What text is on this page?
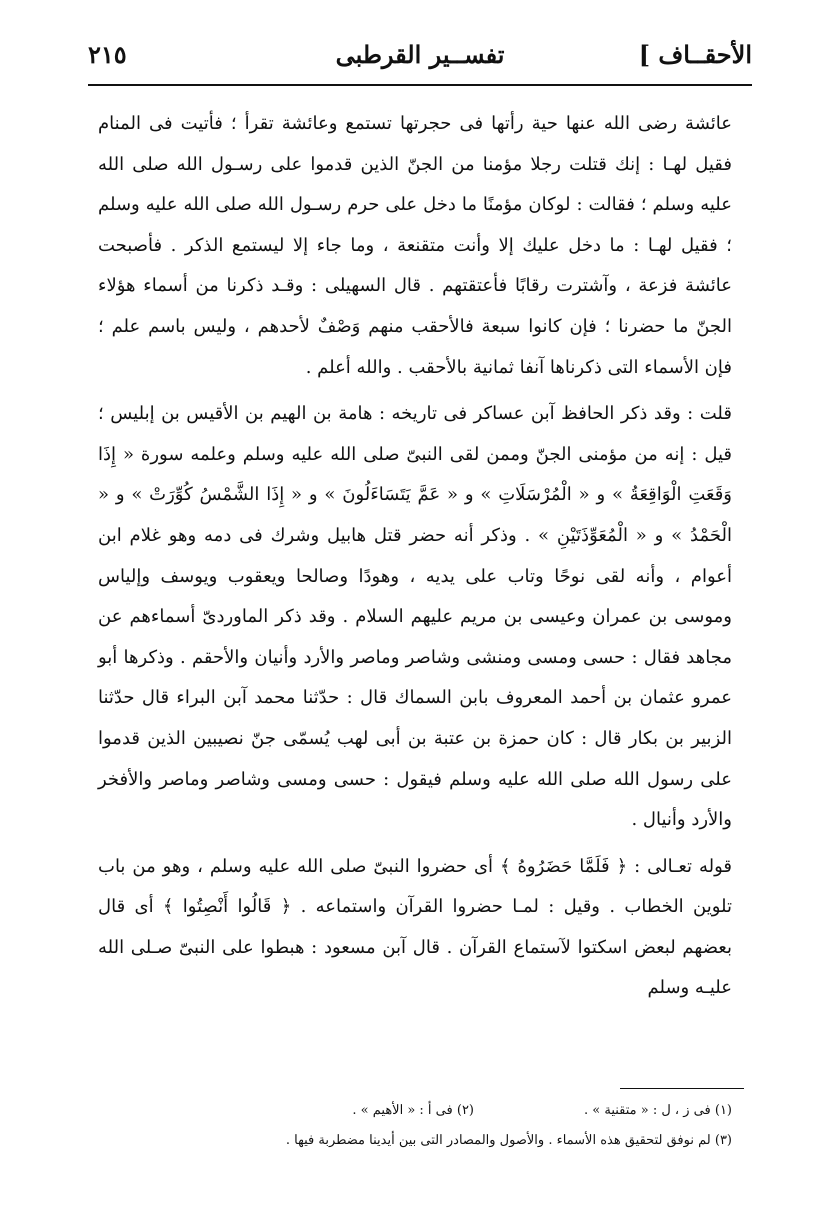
الأحقــاف ]
تفســير القرطبى
٢١٥

عائشة رضى الله عنها حية رأتها فى حجرتها تستمع وعائشة تقرأ ؛ فأتيت فى المنام فقيل لهـا : إنك قتلت رجلا مؤمنا من الجنّ الذين قدموا على رسـول الله صلى الله عليه وسلم ؛ فقالت : لوكان مؤمنًا ما دخل على حرم رسـول الله صلى الله عليه وسلم ؛ فقيل لهـا : ما دخل عليك إلا وأنت متقنعة ، وما جاء إلا ليستمع الذكر . فأصبحت عائشة فزعة ، وآشترت رقابًا فأعتقتهم . قال السهيلى : وقـد ذكرنا من أسماء هؤلاء الجنّ ما حضرنا ؛ فإن كانوا سبعة فالأحقب منهم وَصْفٌ لأحدهم ، وليس باسم علم ؛ فإن الأسماء التى ذكرناها آنفا ثمانية بالأحقب . والله أعلم .

قلت : وقد ذكر الحافظ آبن عساكر فى تاريخه : هامة بن الهيم بن الأقيس بن إبليس ؛ قيل : إنه من مؤمنى الجنّ وممن لقى النبىّ صلى الله عليه وسلم وعلمه سورة « إِذَا وَقَعَتِ الْوَاقِعَةُ » و « الْمُرْسَلَاتِ » و « عَمَّ يَتَسَاءَلُونَ » و « إِذَا الشَّمْسُ كُوِّرَتْ » و « الْحَمْدُ » و « الْمُعَوِّذَتَيْنِ » . وذكر أنه حضر قتل هابيل وشرك فى دمه وهو غلام ابن أعوام ، وأنه لقى نوحًا وتاب على يديه ، وهودًا وصالحا ويعقوب ويوسف وإلياس وموسى بن عمران وعيسى بن مريم عليهم السلام . وقد ذكر الماوردىّ أسماءهم عن مجاهد فقال : حسى ومسى ومنشى وشاصر وماصر والأرد وأنيان والأحقم . وذكرها أبو عمرو عثمان بن أحمد المعروف بابن السماك قال : حدّثنا محمد آبن البراء قال حدّثنا الزبير بن بكار قال : كان حمزة بن عتبة بن أبى لهب يُسمّى جنّ نصيبين الذين قدموا على رسول الله صلى الله عليه وسلم فيقول : حسى ومسى وشاصر وماصر والأفخر والأرد وأنيال .

قوله تعـالى : ﴿ فَلَمَّا حَضَرُوهُ ﴾ أى حضروا النبىّ صلى الله عليه وسلم ، وهو من باب تلوين الخطاب . وقيل : لمـا حضروا القرآن واستماعه . ﴿ قَالُوا أَنْصِتُوا ﴾ أى قال بعضهم لبعض اسكتوا لآستماع القرآن . قال آبن مسعود : هبطوا على النبىّ صـلى الله عليـه وسلم

(١) فى ز ، ل : « متقنية » .(٢) فى أ : « الأهيم » .
(٣) لم نوفق لتحقيق هذه الأسماء . والأصول والمصادر التى بين أيدينا مضطربة فيها .
